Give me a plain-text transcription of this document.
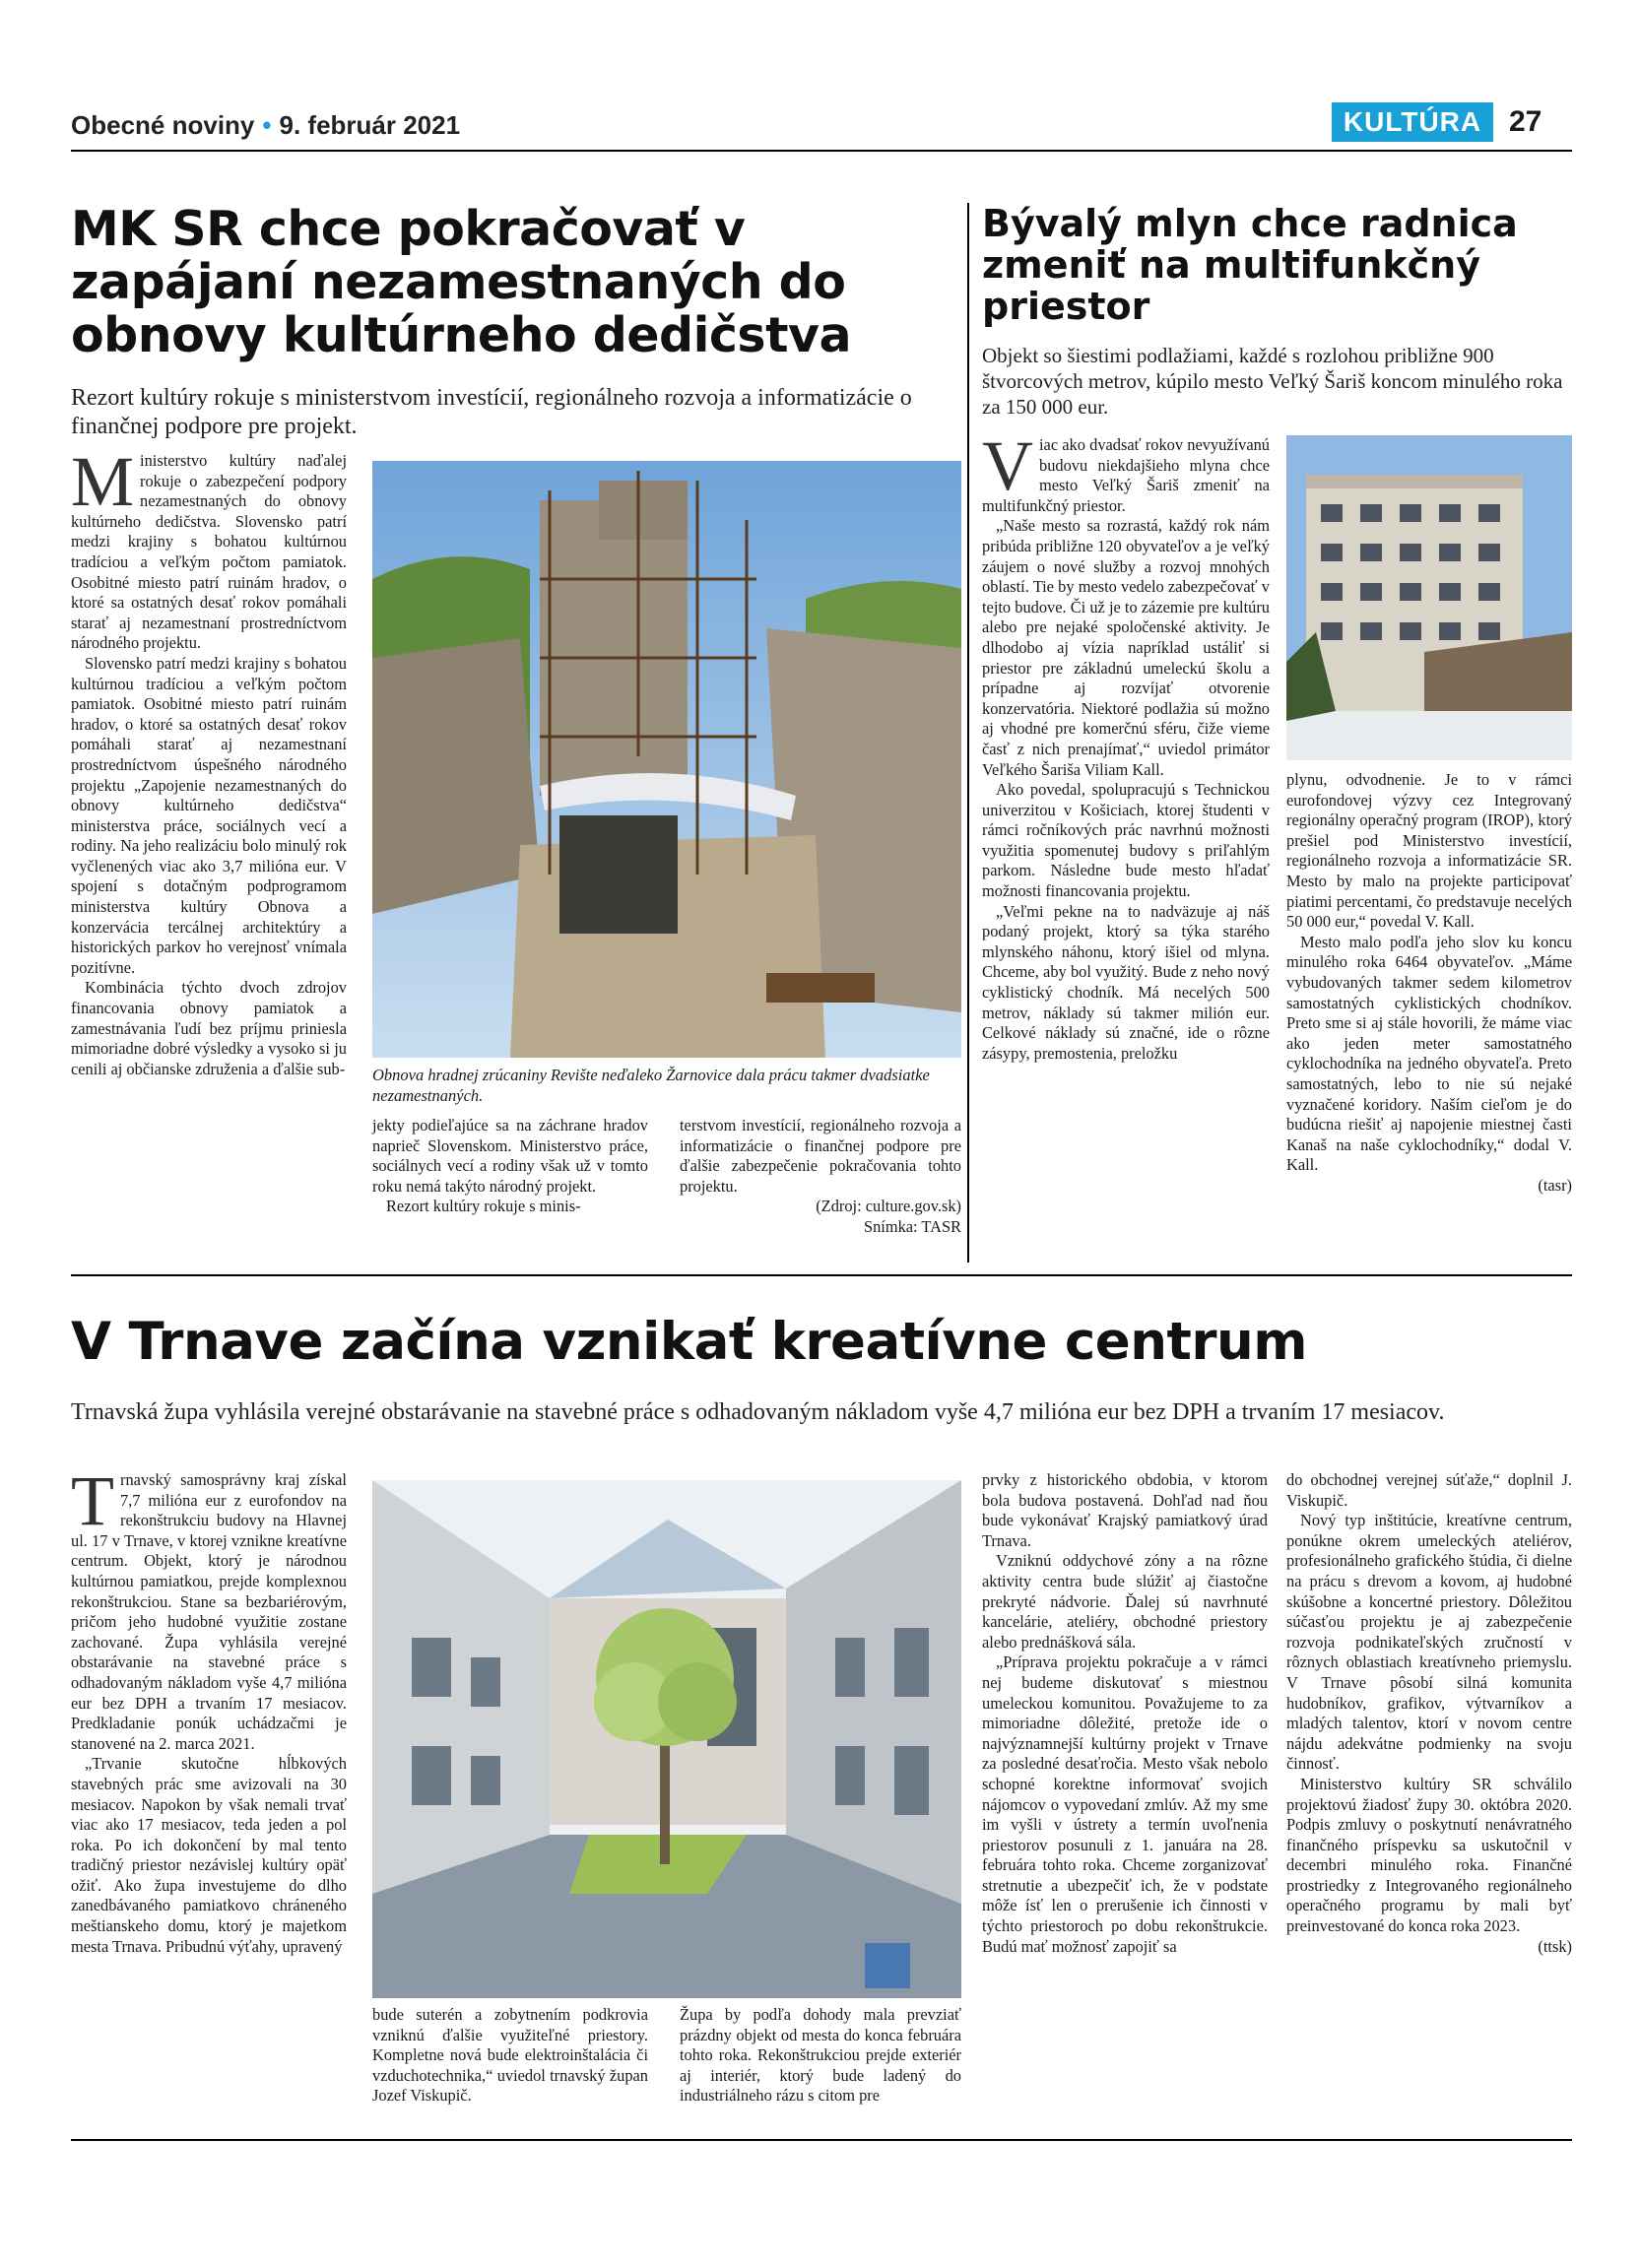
Obecné noviny • 9. február 2021	KULTÚRA 27
MK SR chce pokračovať v zapájaní nezamestnaných do obnovy kultúrneho dedičstva
Rezort kultúry rokuje s ministerstvom investícií, regionálneho rozvoja a informatizácie o finančnej podpore pre projekt.

Ministerstvo kultúry naďalej rokuje o zabezpečení podpory nezamestnaných do obnovy kultúrneho dedičstva. Slovensko patrí medzi krajiny s bohatou kultúrnou tradíciou a veľkým počtom pamiatok. Osobitné miesto patrí ruinám hradov, o ktoré sa ostatných desať rokov pomáhali starať aj nezamestnaní prostredníctvom národného projektu.

Slovensko patrí medzi krajiny s bohatou kultúrnou tradíciou a veľkým počtom pamiatok. Osobitné miesto patrí ruinám hradov, o ktoré sa ostatných desať rokov pomáhali starať aj nezamestnaní prostredníctvom úspešného národného projektu „Zapojenie nezamestnaných do obnovy kultúrneho dedičstva“ ministerstva práce, sociálnych vecí a rodiny. Na jeho realizáciu bolo minulý rok vyčlenených viac ako 3,7 milióna eur. V spojení s dotačným podprogramom ministerstva kultúry Obnova a konzervácia tercálnej architektúry a historických parkov ho verejnosť vnímala pozitívne.

Kombinácia týchto dvoch zdrojov financovania obnovy pamiatok a zamestnávania ľudí bez príjmu priniesla mimoriadne dobré výsledky a vysoko si ju cenili aj občianske združenia a ďalšie sub- Obnova hradnej zrúcaniny Revište neďaleko Žarnovice dala prácu takmer dvadsiatke nezamestnaných.

jekty podieľajúce sa na záchrane hradov naprieč Slovenskom. Ministerstvo práce, sociálnych vecí a rodiny však už v tomto roku nemá takýto národný projekt.

Rezort kultúry rokuje s minis-

terstvom investícií, regionálneho rozvoja a informatizácie o finančnej podpore pre ďalšie zabezpečenie pokračovania tohto projektu.

(Zdroj: culture.gov.sk)
Snímka: TASR
Bývalý mlyn chce radnica zmeniť na multifunkčný priestor
Objekt so šiestimi podlažiami, každé s rozlohou približne 900 štvorcových metrov, kúpilo mesto Veľký Šariš koncom minulého roka za 150 000 eur.

Viac ako dvadsať rokov nevyužívanú budovu niekdajšieho mlyna chce mesto Veľký Šariš zmeniť na multifunkčný priestor.

„Naše mesto sa rozrastá, každý rok nám pribúda približne 120 obyvateľov a je veľký záujem o nové služby a rozvoj mnohých oblastí. Tie by mesto vedelo zabezpečovať v tejto budove. Či už je to zázemie pre kultúru alebo pre nejaké spoločenské aktivity. Je dlhodobo aj vízia napríklad ustáliť si priestor pre základnú umeleckú školu a prípadne aj rozvíjať otvorenie konzervatória. Niektoré podlažia sú možno aj vhodné pre komerčnú sféru, čiže vieme časť z nich prenajímať,“ uviedol primátor Veľkého Šariša Viliam Kall.

Ako povedal, spolupracujú s Technickou univerzitou v Košiciach, ktorej študenti v rámci ročníkových prác navrhnú možnosti využitia spomenutej budovy s priľahlým parkom. Následne bude mesto hľadať možnosti financovania projektu.

„Veľmi pekne na to nadväzuje aj náš podaný projekt, ktorý sa týka starého mlynského náhonu, ktorý išiel od mlyna. Chceme, aby bol využitý. Bude z neho nový cyklistický chodník. Má necelých 500 metrov, náklady sú takmer milión eur. Celkové náklady sú značné, ide o rôzne zásypy, premostenia, preložku

plynu, odvodnenie. Je to v rámci eurofondovej výzvy cez Integrovaný regionálny operačný program (IROP), ktorý prešiel pod Ministerstvo investícií, regionálneho rozvoja a informatizácie SR. Mesto by malo na projekte participovať piatimi percentami, čo predstavuje necelých 50 000 eur,“ povedal V. Kall.

Mesto malo podľa jeho slov ku koncu minulého roka 6464 obyvateľov. „Máme vybudovaných takmer sedem kilometrov samostatných cyklistických chodníkov. Preto sme si aj stále hovorili, že máme viac ako jeden meter samostatného cyklochodníka na jedného obyvateľa. Preto samostatných, lebo to nie sú nejaké vyznačené koridory. Naším cieľom je do budúcna riešiť aj napojenie miestnej časti Kanaš na naše cyklochodníky,“ dodal V. Kall.

(tasr)
V Trnave začína vznikať kreatívne centrum
Trnavská župa vyhlásila verejné obstarávanie na stavebné práce s odhadovaným nákladom vyše 4,7 milióna eur bez DPH a trvaním 17 mesiacov.

Trnavský samosprávny kraj získal 7,7 milióna eur z eurofondov na rekonštrukciu budovy na Hlavnej ul. 17 v Trnave, v ktorej vznikne kreatívne centrum. Objekt, ktorý je národnou kultúrnou pamiatkou, prejde komplexnou rekonštrukciou. Stane sa bezbariérovým, pričom jeho hudobné využitie zostane zachované. Župa vyhlásila verejné obstarávanie na stavebné práce s odhadovaným nákladom vyše 4,7 milióna eur bez DPH a trvaním 17 mesiacov. Predkladanie ponúk uchádzačmi je stanovené na 2. marca 2021.

„Trvanie skutočne hĺbkových stavebných prác sme avizovali na 30 mesiacov. Napokon by však nemali trvať viac ako 17 mesiacov, teda jeden a pol roka. Po ich dokončení by mal tento tradičný priestor nezávislej kultúry opäť ožiť. Ako župa investujeme do dlho zanedbávaného pamiatkovo chráneného meštianskeho domu, ktorý je majetkom mesta Trnava. Pribudnú výťahy, upravený

bude suterén a zobytnením podkrovia vzniknú ďalšie využiteľné priestory. Kompletne nová bude elektroinštalácia či vzduchotechnika,“ uviedol trnavský župan Jozef Viskupič.

Župa by podľa dohody mala prevziať prázdny objekt od mesta do konca februára tohto roka. Rekonštrukciou prejde exteriér aj interiér, ktorý bude ladený do industriálneho rázu s citom pre

prvky z historického obdobia, v ktorom bola budova postavená. Dohľad nad ňou bude vykonávať Krajský pamiatkový úrad Trnava.

Vzniknú oddychové zóny a na rôzne aktivity centra bude slúžiť aj čiastočne prekryté nádvorie. Ďalej sú navrhnuté kancelárie, ateliéry, obchodné priestory alebo prednášková sála.

„Príprava projektu pokračuje a v rámci nej budeme diskutovať s miestnou umeleckou komunitou. Považujeme to za mimoriadne dôležité, pretože ide o najvýznamnejší kultúrny projekt v Trnave za posledné desaťročia. Mesto však nebolo schopné korektne informovať svojich nájomcov o vypovedaní zmlúv. Až my sme im vyšli v ústrety a termín uvoľnenia priestorov posunuli z 1. januára na 28. februára tohto roka. Chceme zorganizovať stretnutie a ubezpečiť ich, že v podstate môže ísť len o prerušenie ich činnosti v týchto priestoroch po dobu rekonštrukcie. Budú mať možnosť zapojiť sa

do obchodnej verejnej súťaže,“ doplnil J. Viskupič.

Nový typ inštitúcie, kreatívne centrum, ponúkne okrem umeleckých ateliérov, profesionálneho grafického štúdia, či dielne na prácu s drevom a kovom, aj hudobné skúšobne a koncertné priestory. Dôležitou súčasťou projektu je aj zabezpečenie rozvoja podnikateľských zručností v rôznych oblastiach kreatívneho priemyslu. V Trnave pôsobí silná komunita hudobníkov, grafikov, výtvarníkov a mladých talentov, ktorí v novom centre nájdu adekvátne podmienky na svoju činnosť.

Ministerstvo kultúry SR schválilo projektovú žiadosť župy 30. októbra 2020. Podpis zmluvy o poskytnutí nenávratného finančného príspevku sa uskutočnil v decembri minulého roka. Finančné prostriedky z Integrovaného regionálneho operačného programu by mali byť preinvestované do konca roka 2023.

(ttsk)
